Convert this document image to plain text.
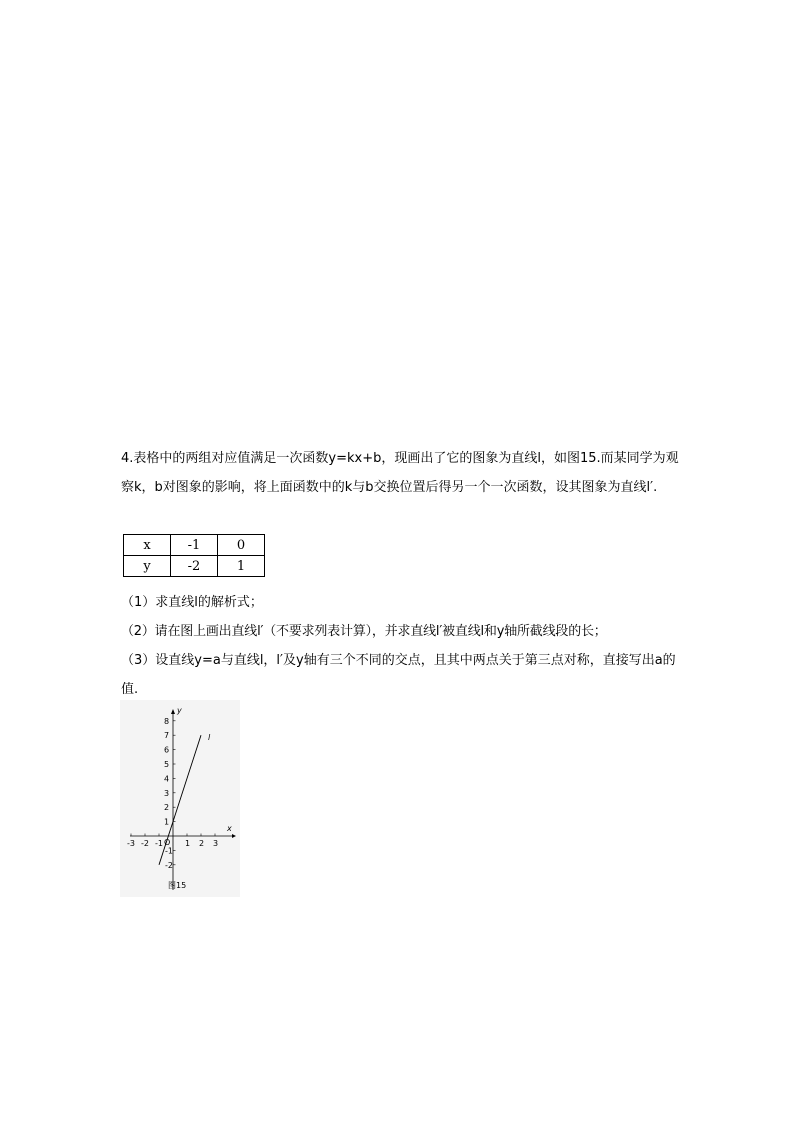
4.表格中的两组对应值满足一次函数y=kx+b，现画出了它的图象为直线l，如图15.而某同学为观察k，b对图象的影响，将上面函数中的k与b交换位置后得另一个一次函数，设其图象为直线l′.

x	-1	0
y	-2	1

（1）求直线l的解析式；

（2）请在图上画出直线l′（不要求列表计算），并求直线l′被直线l和y轴所截线段的长；

（3）设直线y=a与直线l，l′及y轴有三个不同的交点，且其中两点关于第三点对称，直接写出a的值.

x
y
O
图15
l
-3 -2 -1	1 2 3
8
7
6
5
4
3
2
1
-1
-2
